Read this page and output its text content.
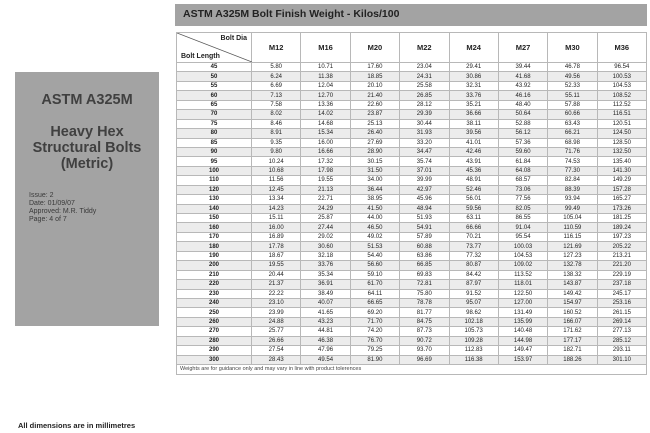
ASTM A325M
Heavy Hex
Structural Bolts
(Metric)
Issue: 2
Date: 01/09/07
Approved: M.R. Tiddy
Page: 4 of 7
All dimensions are in millimetres
ASTM A325M Bolt Finish Weight - Kilos/100
Bolt Dia
Bolt Length	M12	M16	M20	M22	M24	M27	M30	M36
45	5.80	10.71	17.60	23.04	29.41	39.44	46.78	96.54
50	6.24	11.38	18.85	24.31	30.86	41.68	49.56	100.53
55	6.69	12.04	20.10	25.58	32.31	43.92	52.33	104.53
60	7.13	12.70	21.40	26.85	33.76	46.16	55.11	108.52
65	7.58	13.36	22.60	28.12	35.21	48.40	57.88	112.52
70	8.02	14.02	23.87	29.39	36.66	50.64	60.66	116.51
75	8.46	14.68	25.13	30.44	38.11	52.88	63.43	120.51
80	8.91	15.34	26.40	31.93	39.56	56.12	66.21	124.50
85	9.35	16.00	27.69	33.20	41.01	57.36	68.98	128.50
90	9.80	16.66	28.90	34.47	42.46	59.60	71.76	132.50
95	10.24	17.32	30.15	35.74	43.91	61.84	74.53	135.40
100	10.68	17.98	31.50	37.01	45.36	64.08	77.30	141.30
110	11.56	19.55	34.00	39.99	48.91	68.57	82.84	149.29
120	12.45	21.13	36.44	42.97	52.46	73.06	88.39	157.28
130	13.34	22.71	38.95	45.96	56.01	77.56	93.94	165.27
140	14.23	24.29	41.50	48.94	59.56	82.05	99.49	173.26
150	15.11	25.87	44.00	51.93	63.11	86.55	105.04	181.25
160	16.00	27.44	46.50	54.91	66.66	91.04	110.59	189.24
170	16.89	29.02	49.02	57.89	70.21	95.54	116.15	197.23
180	17.78	30.60	51.53	60.88	73.77	100.03	121.69	205.22
190	18.67	32.18	54.40	63.86	77.32	104.53	127.23	213.21
200	19.55	33.76	56.60	66.85	80.87	109.02	132.78	221.20
210	20.44	35.34	59.10	69.83	84.42	113.52	138.32	229.19
220	21.37	36.91	61.70	72.81	87.97	118.01	143.87	237.18
230	22.22	38.49	64.11	75.80	91.52	122.50	149.42	245.17
240	23.10	40.07	66.65	78.78	95.07	127.00	154.97	253.16
250	23.99	41.65	69.20	81.77	98.62	131.49	160.52	261.15
260	24.88	43.23	71.70	84.75	102.18	135.99	166.07	269.14
270	25.77	44.81	74.20	87.73	105.73	140.48	171.62	277.13
280	26.66	46.38	76.70	90.72	109.28	144.98	177.17	285.12
290	27.54	47.96	79.25	93.70	112.83	149.47	182.71	293.11
300	28.43	49.54	81.90	96.69	116.38	153.97	188.26	301.10
Weights are for guidance only and may vary in line with product tolerences								
